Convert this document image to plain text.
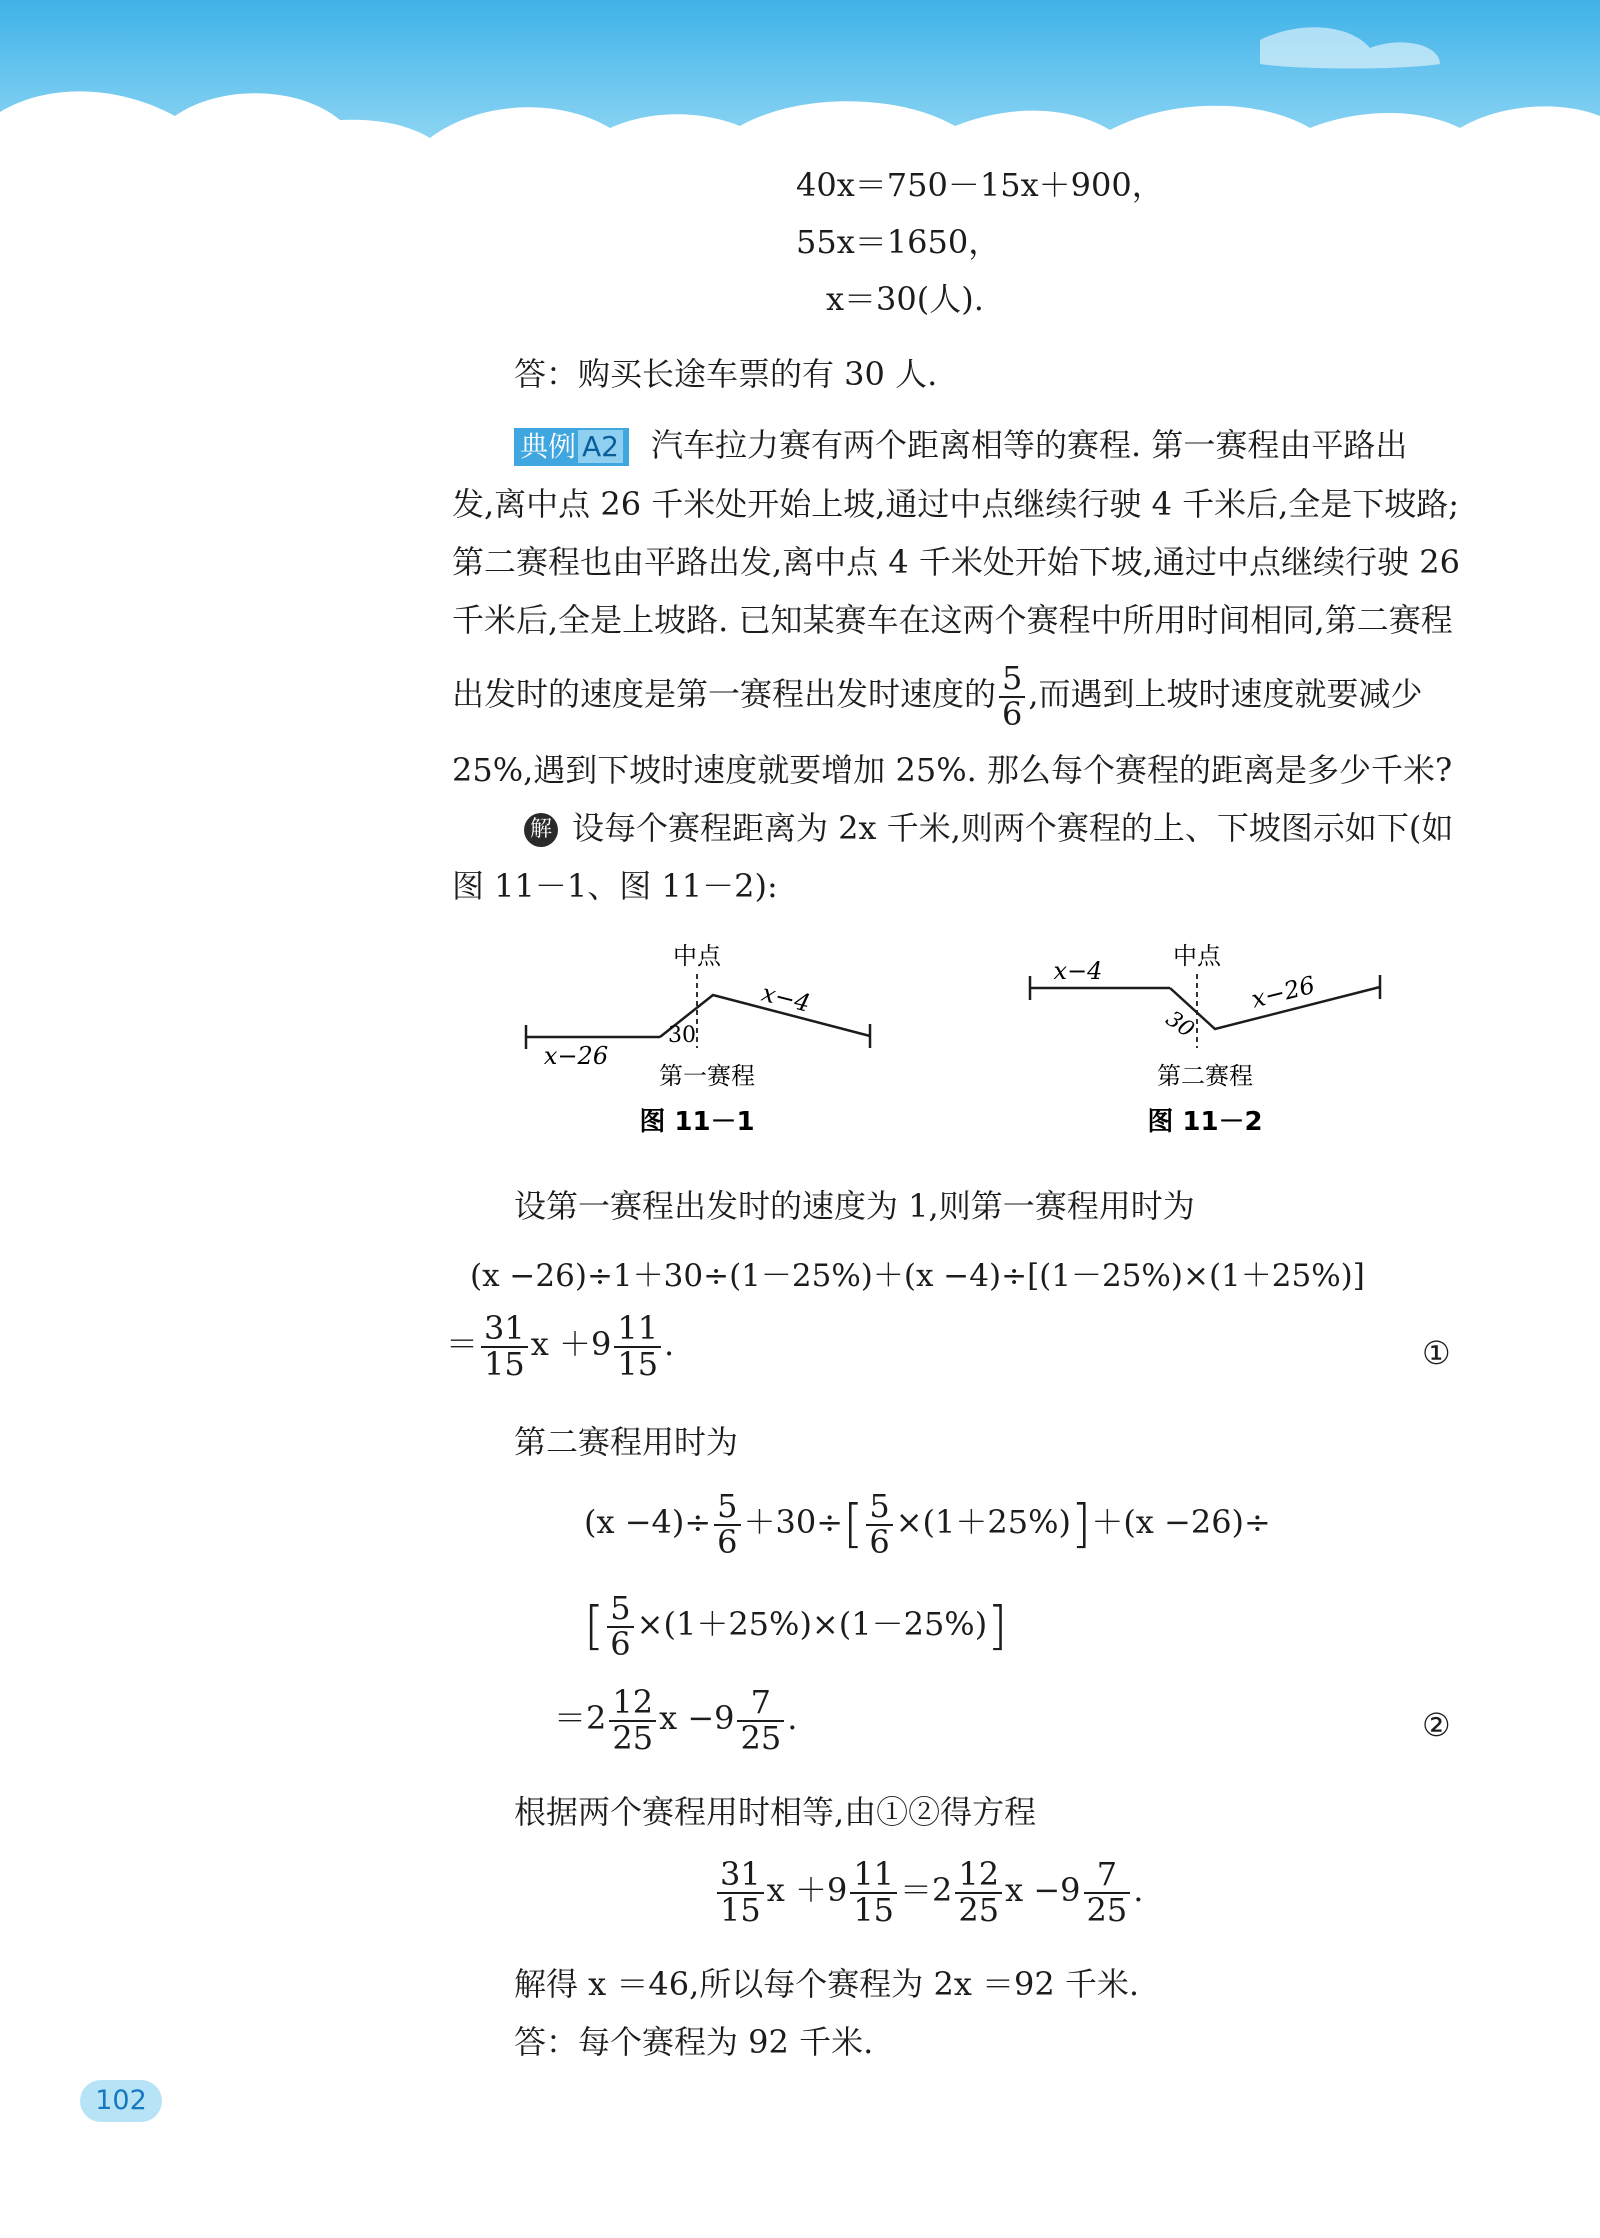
40x＝750－15x＋900，
55x＝1650，
x＝30(人).
答：购买长途车票的有 30 人.
典例 A2 汽车拉力赛有两个距离相等的赛程. 第一赛程由平路出
发,离中点 26 千米处开始上坡,通过中点继续行驶 4 千米后,全是下坡路;
第二赛程也由平路出发,离中点 4 千米处开始下坡,通过中点继续行驶 26
千米后,全是上坡路. 已知某赛车在这两个赛程中所用时间相同,第二赛程
出发时的速度是第一赛程出发时速度的 $\frac{5}{6}$ ,而遇到上坡时速度就要减少
25%,遇到下坡时速度就要增加 25%. 那么每个赛程的距离是多少千米?
解 设每个赛程距离为 2x 千米,则两个赛程的上、下坡图示如下(如
图 11－1、图 11－2):
中点
x−26
x−4
30
第一赛程
图 11－1
中点
x−4	x−26
30
第二赛程
图 11－2
设第一赛程出发时的速度为 1,则第一赛程用时为
(x −26)÷1＋30÷(1－25%)＋(x −4)÷[(1－25%)×(1＋25%)]
＝ $\frac{31}{15}$ $x +9 \frac{11}{15}$ .	①
第二赛程用时为
$(x -4)\div \frac{5}{6} +30\div[ \frac{5}{6} \times(1+25\%)]+(x -26)\div$
[ $\frac{5}{6} \times(1+25\%)\times(1-25\%)$]
$=2 \frac{12}{25}$ $x -9 \frac{7}{25}$ .	②
根据两个赛程用时相等,由①②得方程
$\frac{31}{15}$ $x +9 \frac{11}{15} =2 \frac{12}{25}$ $x -9 \frac{7}{25}$ .
解得 x ＝46,所以每个赛程为 2x ＝92 千米.
答：每个赛程为 92 千米.
102
